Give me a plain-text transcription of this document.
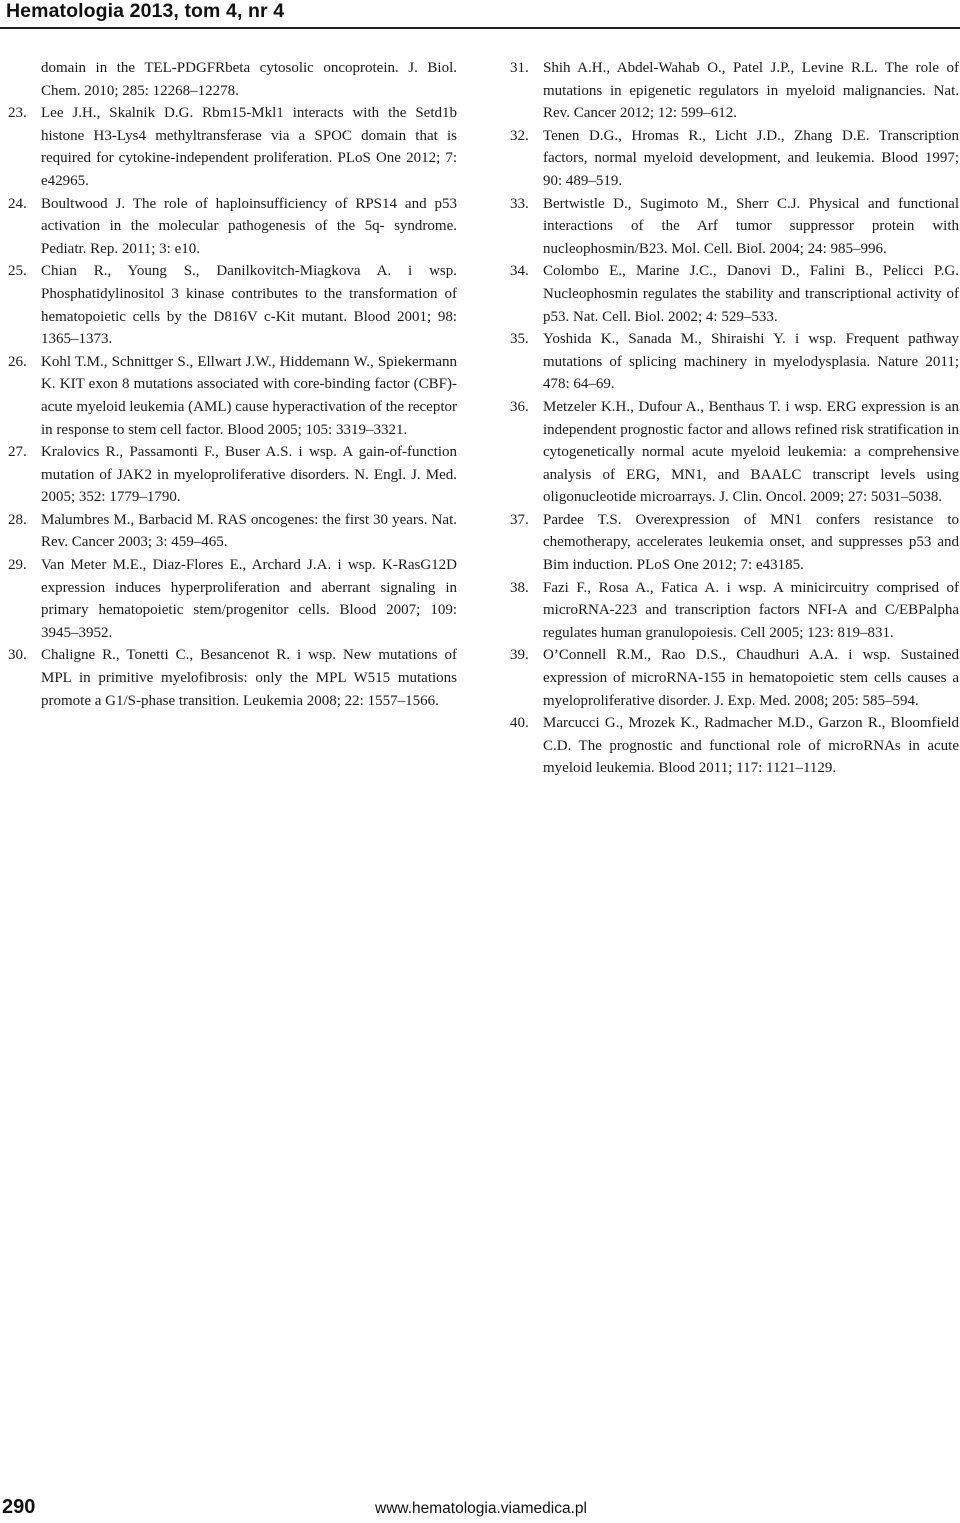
Hematologia 2013, tom 4, nr 4
domain in the TEL-PDGFRbeta cytosolic oncoprotein. J. Biol. Chem. 2010; 285: 12268–12278.
23. Lee J.H., Skalnik D.G. Rbm15-Mkl1 interacts with the Setd1b histone H3-Lys4 methyltransferase via a SPOC domain that is required for cytokine-independent proliferation. PLoS One 2012; 7: e42965.
24. Boultwood J. The role of haploinsufficiency of RPS14 and p53 activation in the molecular pathogenesis of the 5q- syndrome. Pediatr. Rep. 2011; 3: e10.
25. Chian R., Young S., Danilkovitch-Miagkova A. i wsp. Phosphatidylinositol 3 kinase contributes to the transformation of hematopoietic cells by the D816V c-Kit mutant. Blood 2001; 98: 1365–1373.
26. Kohl T.M., Schnittger S., Ellwart J.W., Hiddemann W., Spiekermann K. KIT exon 8 mutations associated with core-binding factor (CBF)-acute myeloid leukemia (AML) cause hyperactivation of the receptor in response to stem cell factor. Blood 2005; 105: 3319–3321.
27. Kralovics R., Passamonti F., Buser A.S. i wsp. A gain-of-function mutation of JAK2 in myeloproliferative disorders. N. Engl. J. Med. 2005; 352: 1779–1790.
28. Malumbres M., Barbacid M. RAS oncogenes: the first 30 years. Nat. Rev. Cancer 2003; 3: 459–465.
29. Van Meter M.E., Diaz-Flores E., Archard J.A. i wsp. K-RasG12D expression induces hyperproliferation and aberrant signaling in primary hematopoietic stem/progenitor cells. Blood 2007; 109: 3945–3952.
30. Chaligne R., Tonetti C., Besancenot R. i wsp. New mutations of MPL in primitive myelofibrosis: only the MPL W515 mutations promote a G1/S-phase transition. Leukemia 2008; 22: 1557–1566.
31. Shih A.H., Abdel-Wahab O., Patel J.P., Levine R.L. The role of mutations in epigenetic regulators in myeloid malignancies. Nat. Rev. Cancer 2012; 12: 599–612.
32. Tenen D.G., Hromas R., Licht J.D., Zhang D.E. Transcription factors, normal myeloid development, and leukemia. Blood 1997; 90: 489–519.
33. Bertwistle D., Sugimoto M., Sherr C.J. Physical and functional interactions of the Arf tumor suppressor protein with nucleophosmin/B23. Mol. Cell. Biol. 2004; 24: 985–996.
34. Colombo E., Marine J.C., Danovi D., Falini B., Pelicci P.G. Nucleophosmin regulates the stability and transcriptional activity of p53. Nat. Cell. Biol. 2002; 4: 529–533.
35. Yoshida K., Sanada M., Shiraishi Y. i wsp. Frequent pathway mutations of splicing machinery in myelodysplasia. Nature 2011; 478: 64–69.
36. Metzeler K.H., Dufour A., Benthaus T. i wsp. ERG expression is an independent prognostic factor and allows refined risk stratification in cytogenetically normal acute myeloid leukemia: a comprehensive analysis of ERG, MN1, and BAALC transcript levels using oligonucleotide microarrays. J. Clin. Oncol. 2009; 27: 5031–5038.
37. Pardee T.S. Overexpression of MN1 confers resistance to chemotherapy, accelerates leukemia onset, and suppresses p53 and Bim induction. PLoS One 2012; 7: e43185.
38. Fazi F., Rosa A., Fatica A. i wsp. A minicircuitry comprised of microRNA-223 and transcription factors NFI-A and C/EBPalpha regulates human granulopoiesis. Cell 2005; 123: 819–831.
39. O’Connell R.M., Rao D.S., Chaudhuri A.A. i wsp. Sustained expression of microRNA-155 in hematopoietic stem cells causes a myeloproliferative disorder. J. Exp. Med. 2008; 205: 585–594.
40. Marcucci G., Mrozek K., Radmacher M.D., Garzon R., Bloomfield C.D. The prognostic and functional role of microRNAs in acute myeloid leukemia. Blood 2011; 117: 1121–1129.
290	www.hematologia.viamedica.pl
